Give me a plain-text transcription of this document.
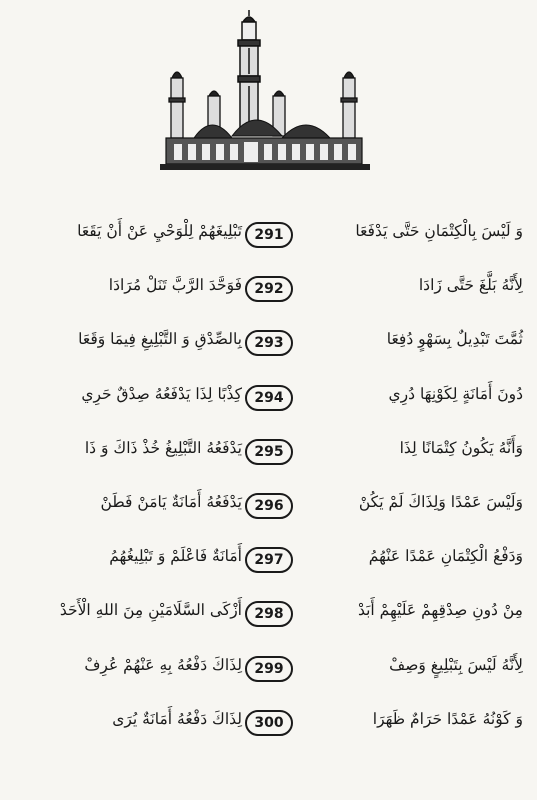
وَ لَيْسَ بِالْكِتْمَانِ حَتَّى يَدْفَعَا
291
تَبْلِيغَهُمْ لِلْوَحْيِ عَنْ أَنْ يَقَعَا
لِأَنَّهُ بَلَّغَ حَتَّى زَادَا
292
فَوَحَّدَ الرَّبَّ تَنَلْ مُرَادَا
ثُمَّتَ تَبْدِيلٌ بِسَهْوٍ دُفِعَا
293
بِالصِّدْقِ وَ التَّبْلِيغِ فِيمَا وَقَعَا
دُونَ أَمَانَةٍ لِكَوْنِهَا دُرِي
294
كِذْبًا لِذَا يَدْفَعُهُ صِدْقٌ حَرِي
وَأَنَّهُ يَكُونُ كِتْمَانًا لِذَا
295
يَدْفَعُهُ التَّبْلِيغُ خُذْ ذَاكَ وَ ذَا
وَلَيْسَ عَمْدًا وَلِذَاكَ لَمْ يَكُنْ
296
يَدْفَعُهُ أَمَانَةٌ يَامَنْ فَطَنْ
وَدَفْعُ الْكِتْمَانِ عَمْدًا عَنْهُمُ
297
أَمَانَةٌ فَاعْلَمْ وَ تَبْلِيغُهُمُ
مِنْ دُونِ صِدْقِهِمْ عَلَيْهِمْ أَبَدْ
298
أَزْكَى السَّلَامَيْنِ مِنَ اللهِ الْأَحَدْ
لِأَنَّهُ لَيْسَ بِتَبْلِيغٍ وَصِفْ
299
لِذَاكَ دَفْعُهُ بِهِ عَنْهُمْ عُرِفْ
وَ كَوْنُهُ عَمْدًا حَرَامٌ ظَهَرَا
300
لِذَاكَ دَفْعُهُ أَمَانَةٌ يُرَى
